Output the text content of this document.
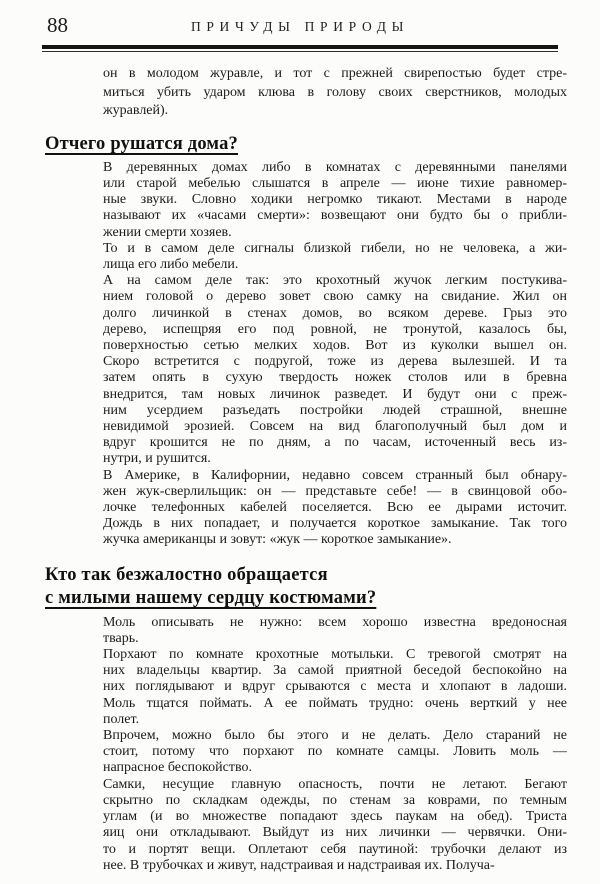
88	ПРИЧУДЫ ПРИРОДЫ
он в молодом журавле, и тот с прежней свирепостью будет стре-
миться убить ударом клюва в голову своих сверстников, молодых
журавлей).
Отчего рушатся дома?
В деревянных домах либо в комнатах с деревянными панелями
или старой мебелью слышатся в апреле — июне тихие равномер-
ные звуки. Словно ходики негромко тикают. Местами в народе
называют их «часами смерти»: возвещают они будто бы о прибли-
жении смерти хозяев.
То и в самом деле сигналы близкой гибели, но не человека, а жи-
лища его либо мебели.
А на самом деле так: это крохотный жучок легким постукива-
нием головой о дерево зовет свою самку на свидание. Жил он
долго личинкой в стенах домов, во всяком дереве. Грыз это
дерево, испещряя его под ровной, не тронутой, казалось бы,
поверхностью сетью мелких ходов. Вот из куколки вышел он.
Скоро встретится с подругой, тоже из дерева вылезшей. И та
затем опять в сухую твердость ножек столов или в бревна
внедрится, там новых личинок разведет. И будут они с преж-
ним усердием разъедать постройки людей страшной, внешне
невидимой эрозией. Совсем на вид благополучный был дом и
вдруг крошится не по дням, а по часам, источенный весь из-
нутри, и рушится.
В Америке, в Калифорнии, недавно совсем странный был обнару-
жен жук-сверлильщик: он — представьте себе! — в свинцовой обо-
лочке телефонных кабелей поселяется. Всю ее дырами источит.
Дождь в них попадает, и получается короткое замыкание. Так того
жучка американцы и зовут: «жук — короткое замыкание».
Кто так безжалостно обращается
с милыми нашему сердцу костюмами?
Моль описывать не нужно: всем хорошо известна вредоносная
тварь.
Порхают по комнате крохотные мотыльки. С тревогой смотрят на
них владельцы квартир. За самой приятной беседой беспокойно на
них поглядывают и вдруг срываются с места и хлопают в ладоши.
Моль тщатся поймать. А ее поймать трудно: очень верткий у нее
полет.
Впрочем, можно было бы этого и не делать. Дело стараний не
стоит, потому что порхают по комнате самцы. Ловить моль —
напрасное беспокойство.
Самки, несущие главную опасность, почти не летают. Бегают
скрытно по складкам одежды, по стенам за коврами, по темным
углам (и во множестве попадают здесь паукам на обед). Триста
яиц они откладывают. Выйдут из них личинки — червячки. Они-
то и портят вещи. Оплетают себя паутиной: трубочки делают из
нее. В трубочках и живут, надстраивая и надстраивая их. Получа-
